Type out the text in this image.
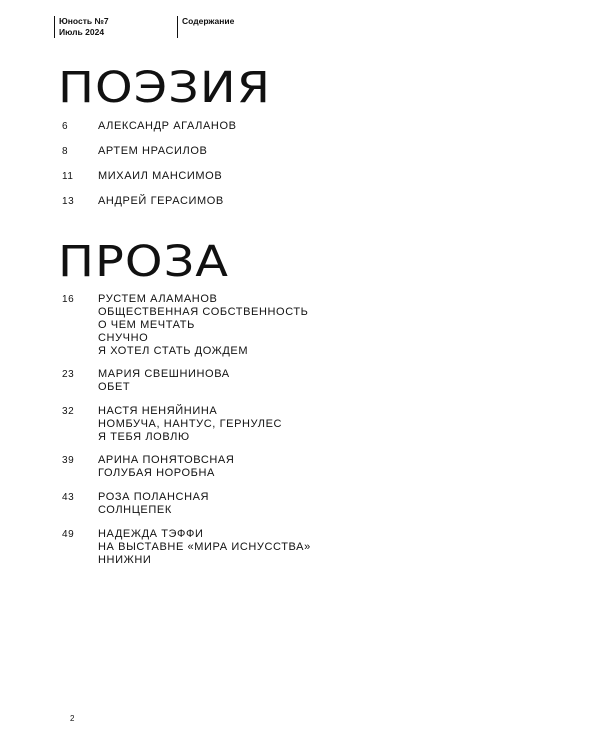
Юность №7
Июль 2024
Содержание
ПОЭЗИЯ
6	АЛЕКСАНДР АГАЛАНОВ
8	АРТЕМ НРАСИЛОВ
11	МИХАИЛ МАНСИМОВ
13	АНДРЕЙ ГЕРАСИМОВ
ПРОЗА
16	РУСТЕМ АЛАМАНОВ
ОБЩЕСТВЕННАЯ СОБСТВЕННОСТЬ
О ЧЕМ МЕЧТАТЬ
СНУЧНО
Я ХОТЕЛ СТАТЬ ДОЖДЕМ
23	МАРИЯ СВЕШНИНОВА
ОБЕТ
32	НАСТЯ НЕНЯЙНИНА
НОМБУЧА, НАНТУС, ГЕРНУЛЕС
Я ТЕБЯ ЛОВЛЮ
39	АРИНА ПОНЯТОВСНАЯ
ГОЛУБАЯ НОРОБНА
43	РОЗА ПОЛАНСНАЯ
СОЛНЦЕПЕК
49	НАДЕЖДА ТЭФФИ
НА ВЫСТАВНЕ «МИРА ИСНУССТВА»
ННИЖНИ
2
